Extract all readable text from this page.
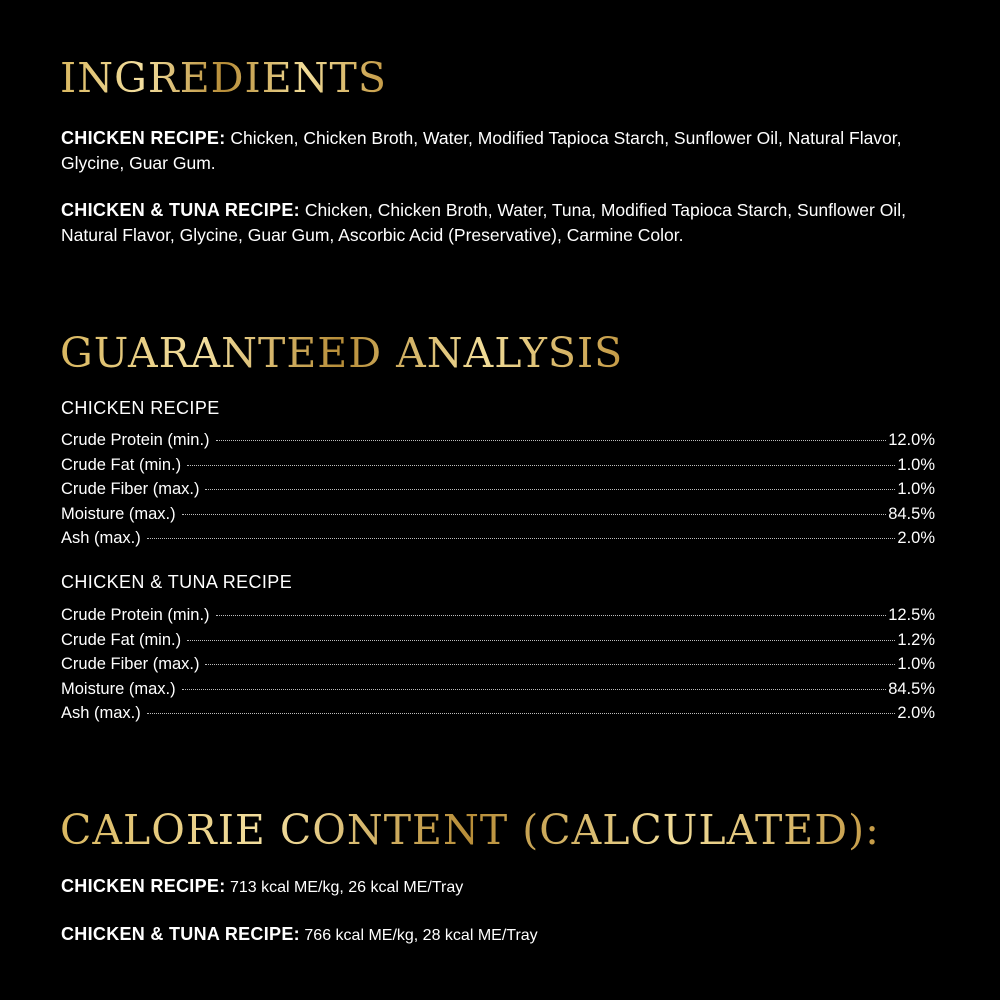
INGREDIENTS

CHICKEN RECIPE: Chicken, Chicken Broth, Water, Modified Tapioca Starch, Sunflower Oil, Natural Flavor, Glycine, Guar Gum.

CHICKEN & TUNA RECIPE: Chicken, Chicken Broth, Water, Tuna, Modified Tapioca Starch, Sunflower Oil, Natural Flavor, Glycine, Guar Gum, Ascorbic Acid (Preservative), Carmine Color.

GUARANTEED ANALYSIS
CHICKEN RECIPE
Crude Protein (min.)	12.0%
Crude Fat (min.)	1.0%
Crude Fiber (max.)	1.0%
Moisture (max.)	84.5%
Ash (max.)	2.0%
CHICKEN & TUNA RECIPE
Crude Protein (min.)	12.5%
Crude Fat (min.)	1.2%
Crude Fiber (max.)	1.0%
Moisture (max.)	84.5%
Ash (max.)	2.0%
CALORIE CONTENT (CALCULATED):

CHICKEN RECIPE: 713 kcal ME/kg, 26 kcal ME/Tray

CHICKEN & TUNA RECIPE: 766 kcal ME/kg, 28 kcal ME/Tray
